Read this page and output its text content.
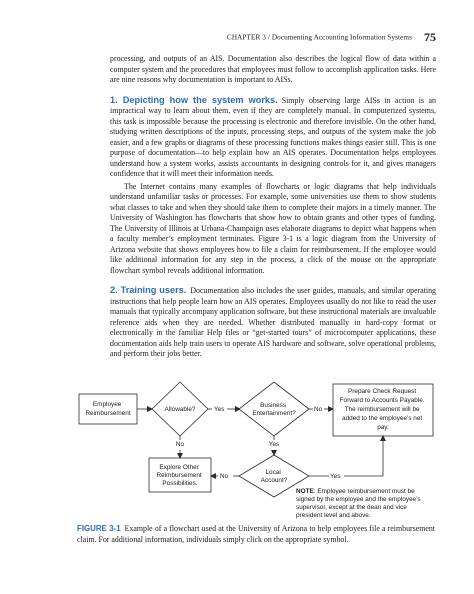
CHAPTER 3 / Documenting Accounting Information Systems 75

processing, and outputs of an AIS. Documentation also describes the logical flow of data within a computer system and the procedures that employees must follow to accomplish application tasks. Here are nine reasons why documentation is important to AISs.

1. Depicting how the system works. Simply observing large AISs in action is an impractical way to learn about them, even if they are completely manual. In computerized systems, this task is impossible because the processing is electronic and therefore invisible. On the other hand, studying written descriptions of the inputs, processing steps, and outputs of the system make the job easier, and a few graphs or diagrams of these processing functions makes things easier still. This is one purpose of documentation—to help explain how an AIS operates. Documentation helps employees understand how a system works, assists accountants in designing controls for it, and gives managers confidence that it will meet their information needs.

The Internet contains many examples of flowcharts or logic diagrams that help individuals understand unfamiliar tasks or processes. For example, some universities use them to show students what classes to take and when they should take them to complete their majors in a timely manner. The University of Washington has flowcharts that show how to obtain grants and other types of funding. The University of Illinois at Urbana-Champaign uses elaborate diagrams to depict what happens when a faculty member’s employment terminates. Figure 3-1 is a logic diagram from the University of Arizona website that shows employees how to file a claim for reimbursement. If the employee would like additional information for any step in the process, a click of the mouse on the appropriate flowchart symbol reveals additional information.

2. Training users. Documentation also includes the user guides, manuals, and similar operating instructions that help people learn how an AIS operates. Employees usually do not like to read the user manuals that typically accompany application software, but these instructional materials are invaluable reference aids when they are needed. Whether distributed manually in hard-copy format or electronically in the familiar Help files or “get-started tours” of microcomputer applications, these documentation aids help train users to operate AIS hardware and software, solve operational problems, and perform their jobs better.

Employee Reimbursement
Allowable?	Yes
Business Entertainment?
No
Prepare Check Request Forward to Accounts Payable. The reimbursement will be added to the employee’s net pay.
No	Yes
Explore Other Reimbursement Possibilities.
Local Account?
No	Yes
NOTE: Employee reimbursement must be signed by the employee and the employee’s supervisor, except at the dean and vice president level and above.
FIGURE 3-1 Example of a flowchart used at the University of Arizona to help employees file a reimbursement claim. For additional information, individuals simply click on the appropriate symbol.
